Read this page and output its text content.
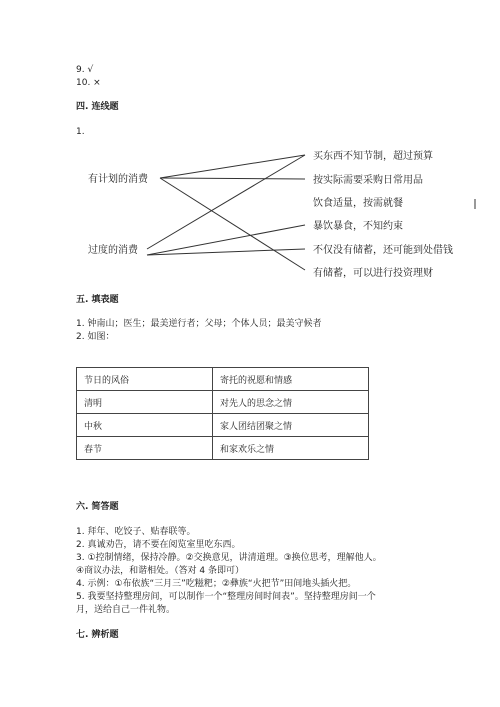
9. √
10. ×
四. 连线题
1.
有计划的消费
过度的消费
买东西不知节制，超过预算
按实际需要采购日常用品
饮食适量，按需就餐
暴饮暴食，不知约束
不仅没有储蓄，还可能到处借钱
有储蓄，可以进行投资理财
五. 填表题
1. 钟南山；医生；最美逆行者；父母；个体人员；最美守候者
2. 如图：
节日的风俗	寄托的祝愿和情感
清明	对先人的思念之情
中秋	家人团结团聚之情
春节	和家欢乐之情
六. 简答题
1. 拜年、吃饺子、贴春联等。
2. 真诚劝告，请不要在阅览室里吃东西。
3. ①控制情绪，保持冷静。②交换意见，讲清道理。③换位思考，理解他人。
④商议办法，和谐相处。（答对 4 条即可）
4. 示例：①布依族“三月三”吃糍粑；②彝族“火把节”田间地头插火把。
5. 我要坚持整理房间，可以制作一个“整理房间时间表”。坚持整理房间一个
月，送给自己一件礼物。
七. 辨析题
